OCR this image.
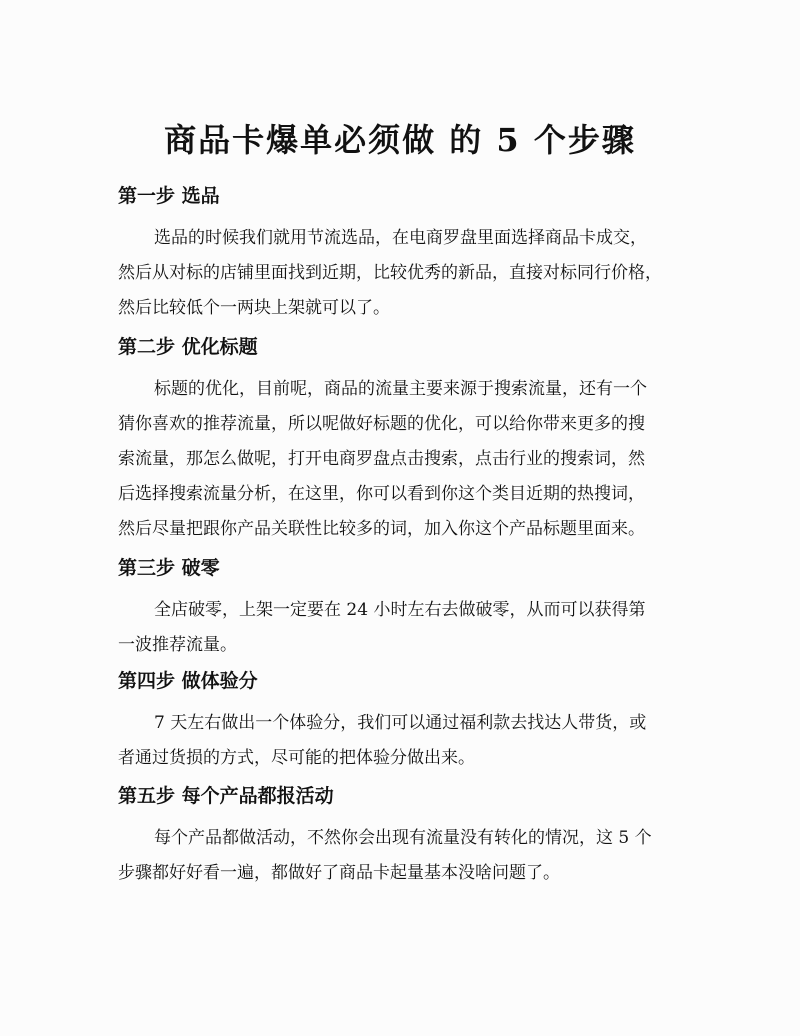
商品卡爆单必须做 的 5 个步骤
第一步 选品
选品的时候我们就用节流选品，在电商罗盘里面选择商品卡成交，
然后从对标的店铺里面找到近期，比较优秀的新品，直接对标同行价格，
然后比较低个一两块上架就可以了。
第二步 优化标题
标题的优化，目前呢，商品的流量主要来源于搜索流量，还有一个
猜你喜欢的推荐流量，所以呢做好标题的优化，可以给你带来更多的搜
索流量，那怎么做呢，打开电商罗盘点击搜索，点击行业的搜索词，然
后选择搜索流量分析，在这里，你可以看到你这个类目近期的热搜词，
然后尽量把跟你产品关联性比较多的词，加入你这个产品标题里面来。
第三步 破零
全店破零，上架一定要在 24 小时左右去做破零，从而可以获得第
一波推荐流量。
第四步 做体验分
7 天左右做出一个体验分，我们可以通过福利款去找达人带货，或
者通过货损的方式，尽可能的把体验分做出来。
第五步 每个产品都报活动
每个产品都做活动，不然你会出现有流量没有转化的情况，这 5 个
步骤都好好看一遍，都做好了商品卡起量基本没啥问题了。
